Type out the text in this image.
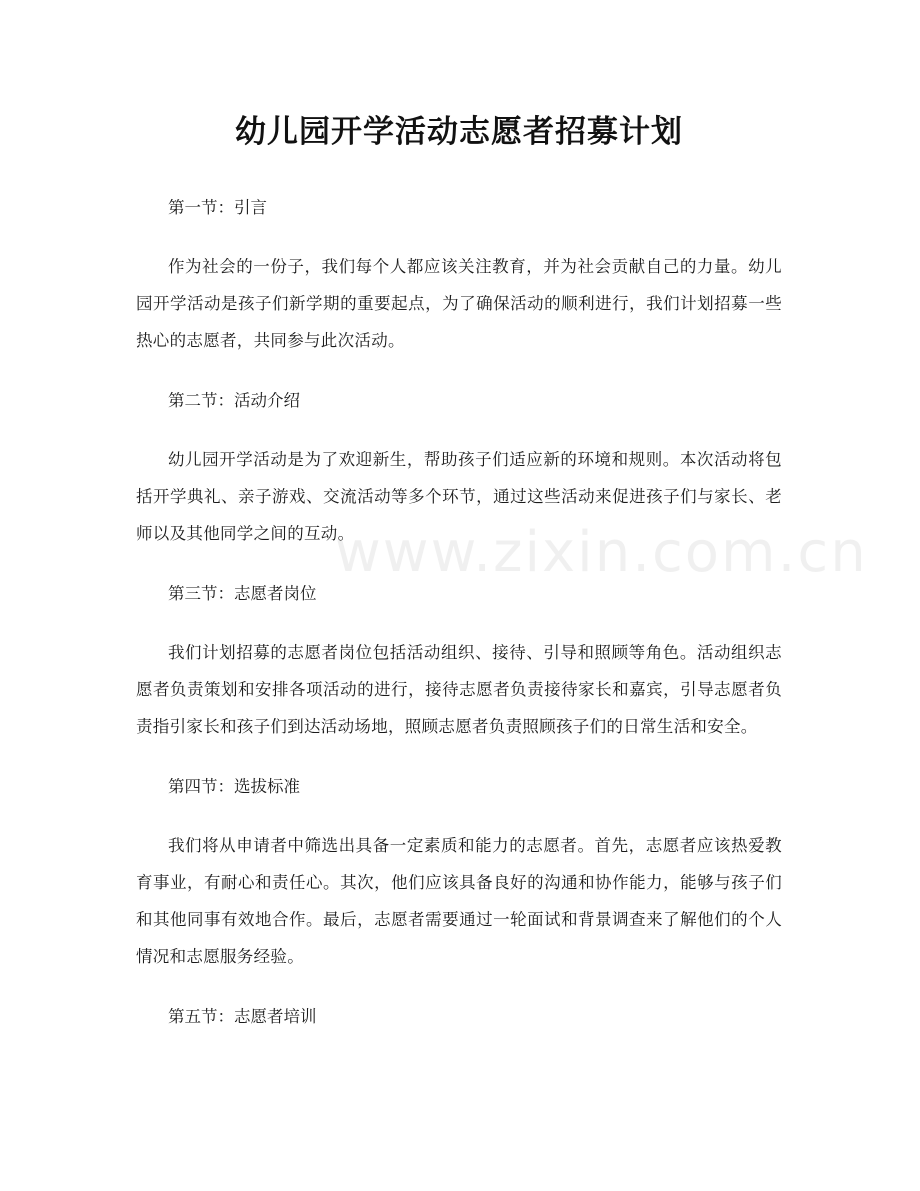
www.zixin.com.cn
幼儿园开学活动志愿者招募计划

第一节：引言

作为社会的一份子，我们每个人都应该关注教育，并为社会贡献自己的力量。幼儿园开学活动是孩子们新学期的重要起点，为了确保活动的顺利进行，我们计划招募一些热心的志愿者，共同参与此次活动。

第二节：活动介绍

幼儿园开学活动是为了欢迎新生，帮助孩子们适应新的环境和规则。本次活动将包括开学典礼、亲子游戏、交流活动等多个环节，通过这些活动来促进孩子们与家长、老师以及其他同学之间的互动。

第三节：志愿者岗位

我们计划招募的志愿者岗位包括活动组织、接待、引导和照顾等角色。活动组织志愿者负责策划和安排各项活动的进行，接待志愿者负责接待家长和嘉宾，引导志愿者负责指引家长和孩子们到达活动场地，照顾志愿者负责照顾孩子们的日常生活和安全。

第四节：选拔标准

我们将从申请者中筛选出具备一定素质和能力的志愿者。首先，志愿者应该热爱教育事业，有耐心和责任心。其次，他们应该具备良好的沟通和协作能力，能够与孩子们和其他同事有效地合作。最后，志愿者需要通过一轮面试和背景调查来了解他们的个人情况和志愿服务经验。

第五节：志愿者培训
